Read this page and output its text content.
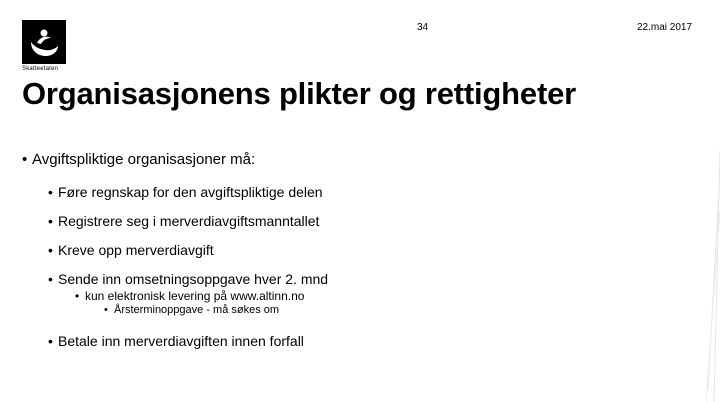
Skatteetaten
34	22.mai 2017
Organisasjonens plikter og rettigheter
• Avgiftspliktige organisasjoner må:
• Føre regnskap for den avgiftspliktige delen
• Registrere seg i merverdiavgiftsmanntallet
• Kreve opp merverdiavgift
• Sende inn omsetningsoppgave hver 2. mnd
• kun elektronisk levering på www.altinn.no
• Årsterminoppgave - må søkes om
• Betale inn merverdiavgiften innen forfall
